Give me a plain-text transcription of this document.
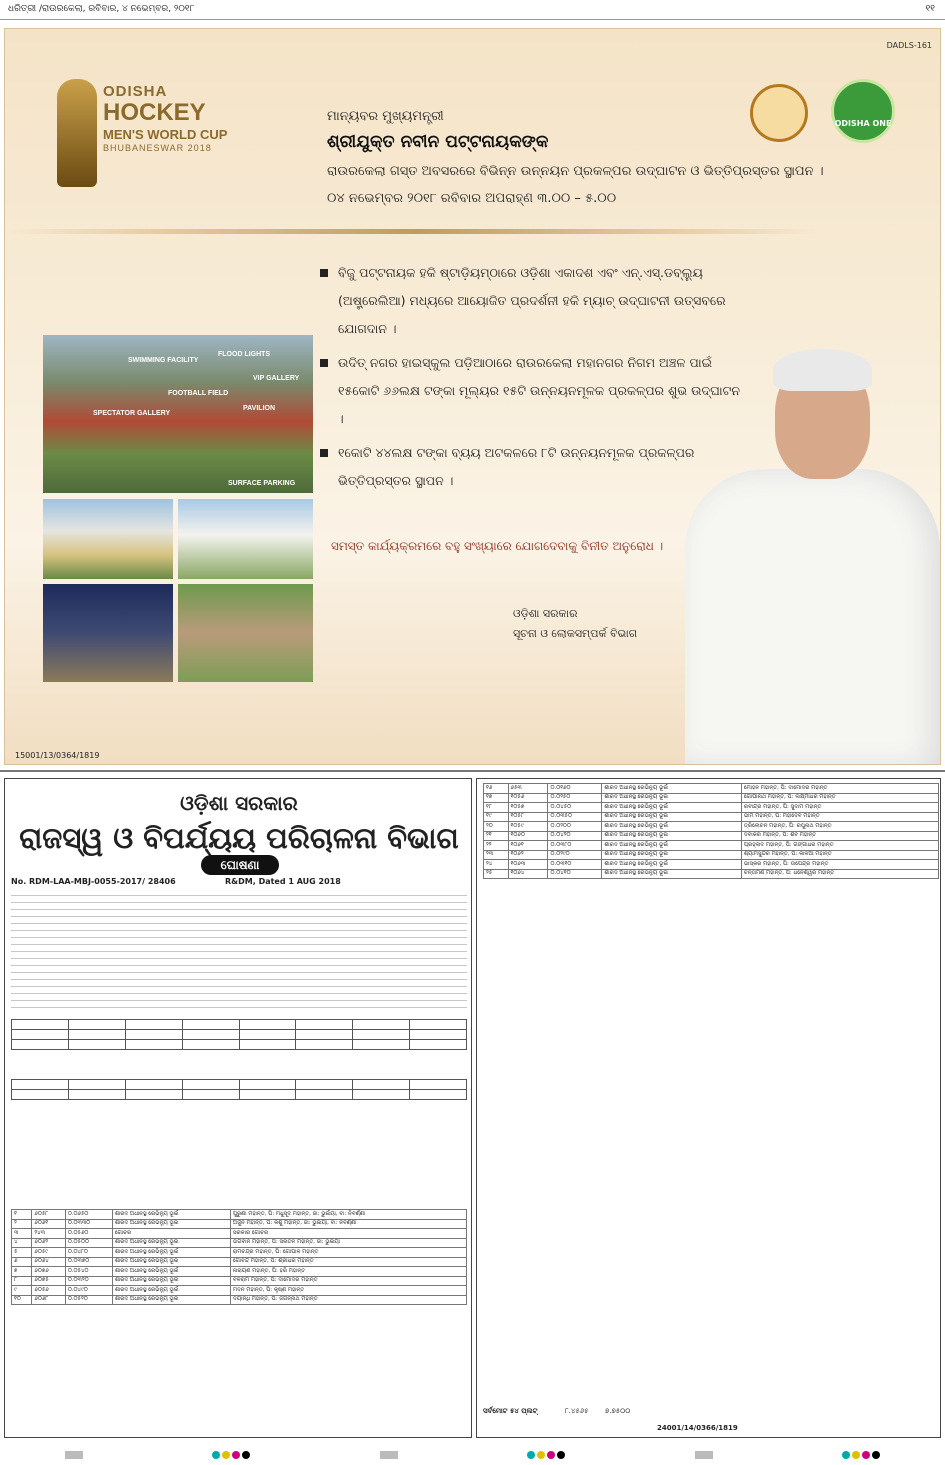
ଧରିତ୍ରୀ /ରାଉରକେଲା, ରବିବାର, ୪ ନଭେମ୍ବର, ୨୦୧୮	୧୧
DADLS-161
ODISHA
HOCKEY
MEN'S WORLD CUP
BHUBANESWAR 2018
ODISHA ONE
ମାନ୍ୟବର ମୁଖ୍ୟମନ୍ତ୍ରୀ
ଶ୍ରୀଯୁକ୍ତ ନବୀନ ପଟ୍ଟନାୟକଙ୍କ
ରାଉରକେଲା ଗସ୍ତ ଅବସରରେ ବିଭିନ୍ନ ଉନ୍ନୟନ ପ୍ରକଳ୍ପର ଉଦ୍‌ଘାଟନ ଓ ଭିତ୍ତିପ୍ରସ୍ତର ସ୍ଥାପନ ।
୦୪ ନଭେମ୍ବର ୨୦୧୮ ରବିବାର ଅପରାହ୍ଣ ୩.୦୦ – ୫.୦୦
ବିଜୁ ପଟ୍ଟନାୟକ ହକି ଷ୍ଟାଡ଼ିୟମ୍‌ଠାରେ ଓଡ଼ିଶା ଏକାଦଶ ଏବଂ ଏନ୍‌.ଏସ୍‌.ଡବ୍ଲ୍ୟୁ (ଅଷ୍ଟ୍ରେଲିଆ) ମଧ୍ୟରେ ଆୟୋଜିତ ପ୍ରଦର୍ଶନୀ ହକି ମ୍ୟାଚ୍ ଉଦ୍‌ଘାଟନୀ ଉତ୍ସବରେ ଯୋଗଦାନ ।
ଉଦିତ୍ ନଗର ହାଇସ୍କୁଲ ପଡ଼ିଆଠାରେ ରାଉରକେଲା ମହାନଗର ନିଗମ ଅଞ୍ଚଳ ପାଇଁ ୧୫କୋଟି ୬୬ଲକ୍ଷ ଟଙ୍କା ମୂଲ୍ୟର ୧୫ଟି ଉନ୍ନୟନମୂଳକ ପ୍ରକଳ୍ପର ଶୁଭ ଉଦ୍‌ଘାଟନ ।
୧କୋଟି ୪୪ଲକ୍ଷ ଟଙ୍କା ବ୍ୟୟ ଅଟକଳରେ ୮ଟି ଉନ୍ନୟନମୂଳକ ପ୍ରକଳ୍ପର ଭିତ୍ତିପ୍ରସ୍ତର ସ୍ଥାପନ ।
ସମସ୍ତ କାର୍ଯ୍ୟକ୍ରମରେ ବହୁ ସଂଖ୍ୟାରେ ଯୋଗଦେବାକୁ ବିନୀତ ଅନୁରୋଧ ।
ଓଡ଼ିଶା ସରକାର
ସୂଚନା ଓ ଲୋକସମ୍ପର୍କ ବିଭାଗ
SWIMMING FACILITY
FLOOD LIGHTS
VIP GALLERY
FOOTBALL FIELD
SPECTATOR GALLERY
PAVILION
SURFACE PARKING
15001/13/0364/1819
ଓଡ଼ିଶା ସରକାର
ରାଜସ୍ୱ ଓ ବିପର୍ଯ୍ୟୟ ପରିଚାଳନା ବିଭାଗ
ଘୋଷଣା
No. RDM-LAA-MBJ-0055-2017/ 28406	R&DM, Dated 1 AUG 2018

୧	୬୦୫୮	୦.୦୬୫୦	ଶାରଦ ଅଧୀନସ୍ଥ ରେଭିନ୍ୟୁ ଭୂଇଁ	ପୁରୁଣା ମହାନ୍ତ, ପି: ମଧୁସୂଦ ମହାନ୍ତ, ଜା: ଭୁଇଁୟା, ବା: ନିବର୍ଣ୍ଣୀ
୨	୬୦୬୧	୦.୦୩୩୦	ଶାରଦ ଅଧୀନସ୍ଥ ରେଭିନ୍ୟୁ ଭୂଇଁ	ଅର୍ଜୁନ ମହାନ୍ତ, ପି: କିଶୁ ମହାନ୍ତ, ଜା: ଭୁଇଁୟା, ବା: ନିବର୍ଣ୍ଣୀ
୩	୨୪୩	୦.୦୫୬୦	ଗୋଚର	ସରକାର ଗୋଚର
୪	୬୦୬୨	୦.୦୫୦୦	ଶାରଦ ଅଧୀନସ୍ଥ ରେଭିନ୍ୟୁ ଭୂଇଁ	ଭଗବାନ ମହାନ୍ତ, ପି: ସନାତନ ମହାନ୍ତ, ଜା: ଭୁଇଁୟା
୫	୬୦୫୯	୦.୦୪୮୦	ଶାରଦ ଅଧୀନସ୍ଥ ରେଭିନ୍ୟୁ ଭୂଇଁ	ରାମଚନ୍ଦ୍ର ମହାନ୍ତ, ପି: ଗୋପାଳ ମହାନ୍ତ
୬	୬୦୬୪	୦.୦୩୭୦	ଶାରଦ ଅଧୀନସ୍ଥ ରେଭିନ୍ୟୁ ଭୂଇଁ	ଗୋବିନ୍ଦ ମହାନ୍ତ, ପି: ଶ୍ରୀଧର ମହାନ୍ତ
୭	୬୦୭୬	୦.୦୫୪୦	ଶାରଦ ଅଧୀନସ୍ଥ ରେଭିନ୍ୟୁ ଭୂଇଁ	ନାରାୟଣ ମହାନ୍ତ, ପି: ହରି ମହାନ୍ତ
୮	୬୦୭୫	୦.୦୩୨୦	ଶାରଦ ଅଧୀନସ୍ଥ ରେଭିନ୍ୟୁ ଭୂଇଁ	ବଳରାମ ମହାନ୍ତ, ପି: ଦାମୋଦର ମହାନ୍ତ
୯	୬୦୫୬	୦.୦୪୯୦	ଶାରଦ ଅଧୀନସ୍ଥ ରେଭିନ୍ୟୁ ଭୂଇଁ	ମଦନ ମହାନ୍ତ, ପି: କୃଷ୍ଣ ମହାନ୍ତ
୧୦	୬୦୬୮	୦.୦୫୨୦	ଶାରଦ ଅଧୀନସ୍ଥ ରେଭିନ୍ୟୁ ଭୂଇଁ	ଦୟାନିଧି ମହାନ୍ତ, ପି: ଜଗନ୍ନାଥ ମହାନ୍ତ
୧୬	୬୫୩	୦.୦୧୬୦	ଶାରଦ ଅଧୀନସ୍ଥ ରେଭିନ୍ୟୁ ଭୂଇଁ	ମୋହନ ମହାନ୍ତ, ପି: ଦାମୋଦର ମହାନ୍ତ
୧୭	୧୦୫୬	୦.୦୨୫୦	ଶାରଦ ଅଧୀନସ୍ଥ ରେଭିନ୍ୟୁ ଭୂଇଁ	ଗୋପୀନାଥ ମହାନ୍ତ, ପି: ଲକ୍ଷ୍ମୀଧର ମହାନ୍ତ
୧୮	୧୦୫୭	୦.୦୪୫୦	ଶାରଦ ଅଧୀନସ୍ଥ ରେଭିନ୍ୟୁ ଭୂଇଁ	ରବୀନ୍ଦ୍ର ମହାନ୍ତ, ପି: ସୁଦାମ ମହାନ୍ତ
୧୯	୧୦୫୮	୦.୦୩୫୦	ଶାରଦ ଅଧୀନସ୍ଥ ରେଭିନ୍ୟୁ ଭୂଇଁ	ଭୀମ ମହାନ୍ତ, ପି: ମହାଦେବ ମହାନ୍ତ
୨୦	୧୦୫୯	୦.୦୨୦୦	ଶାରଦ ଅଧୀନସ୍ଥ ରେଭିନ୍ୟୁ ଭୂଇଁ	ତ୍ରିଲୋଚନ ମହାନ୍ତ, ପି: ରଘୁନାଥ ମହାନ୍ତ
୨୧	୧୦୬୦	୦.୦୪୨୦	ଶାରଦ ଅଧୀନସ୍ଥ ରେଭିନ୍ୟୁ ଭୂଇଁ	ଦିବାକର ମହାନ୍ତ, ପି: ଶିବ ମହାନ୍ତ
୨୨	୧୦୬୧	୦.୦୩୮୦	ଶାରଦ ଅଧୀନସ୍ଥ ରେଭିନ୍ୟୁ ଭୂଇଁ	ପ୍ରହ୍ଲାଦ ମହାନ୍ତ, ପି: ଗଙ୍ଗାଧର ମହାନ୍ତ
୨୩	୧୦୬୨	୦.୦୨୯୦	ଶାରଦ ଅଧୀନସ୍ଥ ରେଭିନ୍ୟୁ ଭୂଇଁ	ଶ୍ୟାମସୁନ୍ଦର ମହାନ୍ତ, ପି: କାଳିଆ ମହାନ୍ତ
୨୪	୧୦୬୩	୦.୦୩୧୦	ଶାରଦ ଅଧୀନସ୍ଥ ରେଭିନ୍ୟୁ ଭୂଇଁ	ଭାସ୍କର ମହାନ୍ତ, ପି: ଉପେନ୍ଦ୍ର ମହାନ୍ତ
୨୫	୧୦୬୪	୦.୦୪୧୦	ଶାରଦ ଅଧୀନସ୍ଥ ରେଭିନ୍ୟୁ ଭୂଇଁ	ଚିନ୍ତାମଣି ମହାନ୍ତ, ପି: ଧନେଶ୍ୱର ମହାନ୍ତ
ସର୍ବମୋଟ ୫୪ ପ୍ଲଟ୍	୮.୪୫୬୫ ୭.୭୫୦୦
24001/14/0366/1819
